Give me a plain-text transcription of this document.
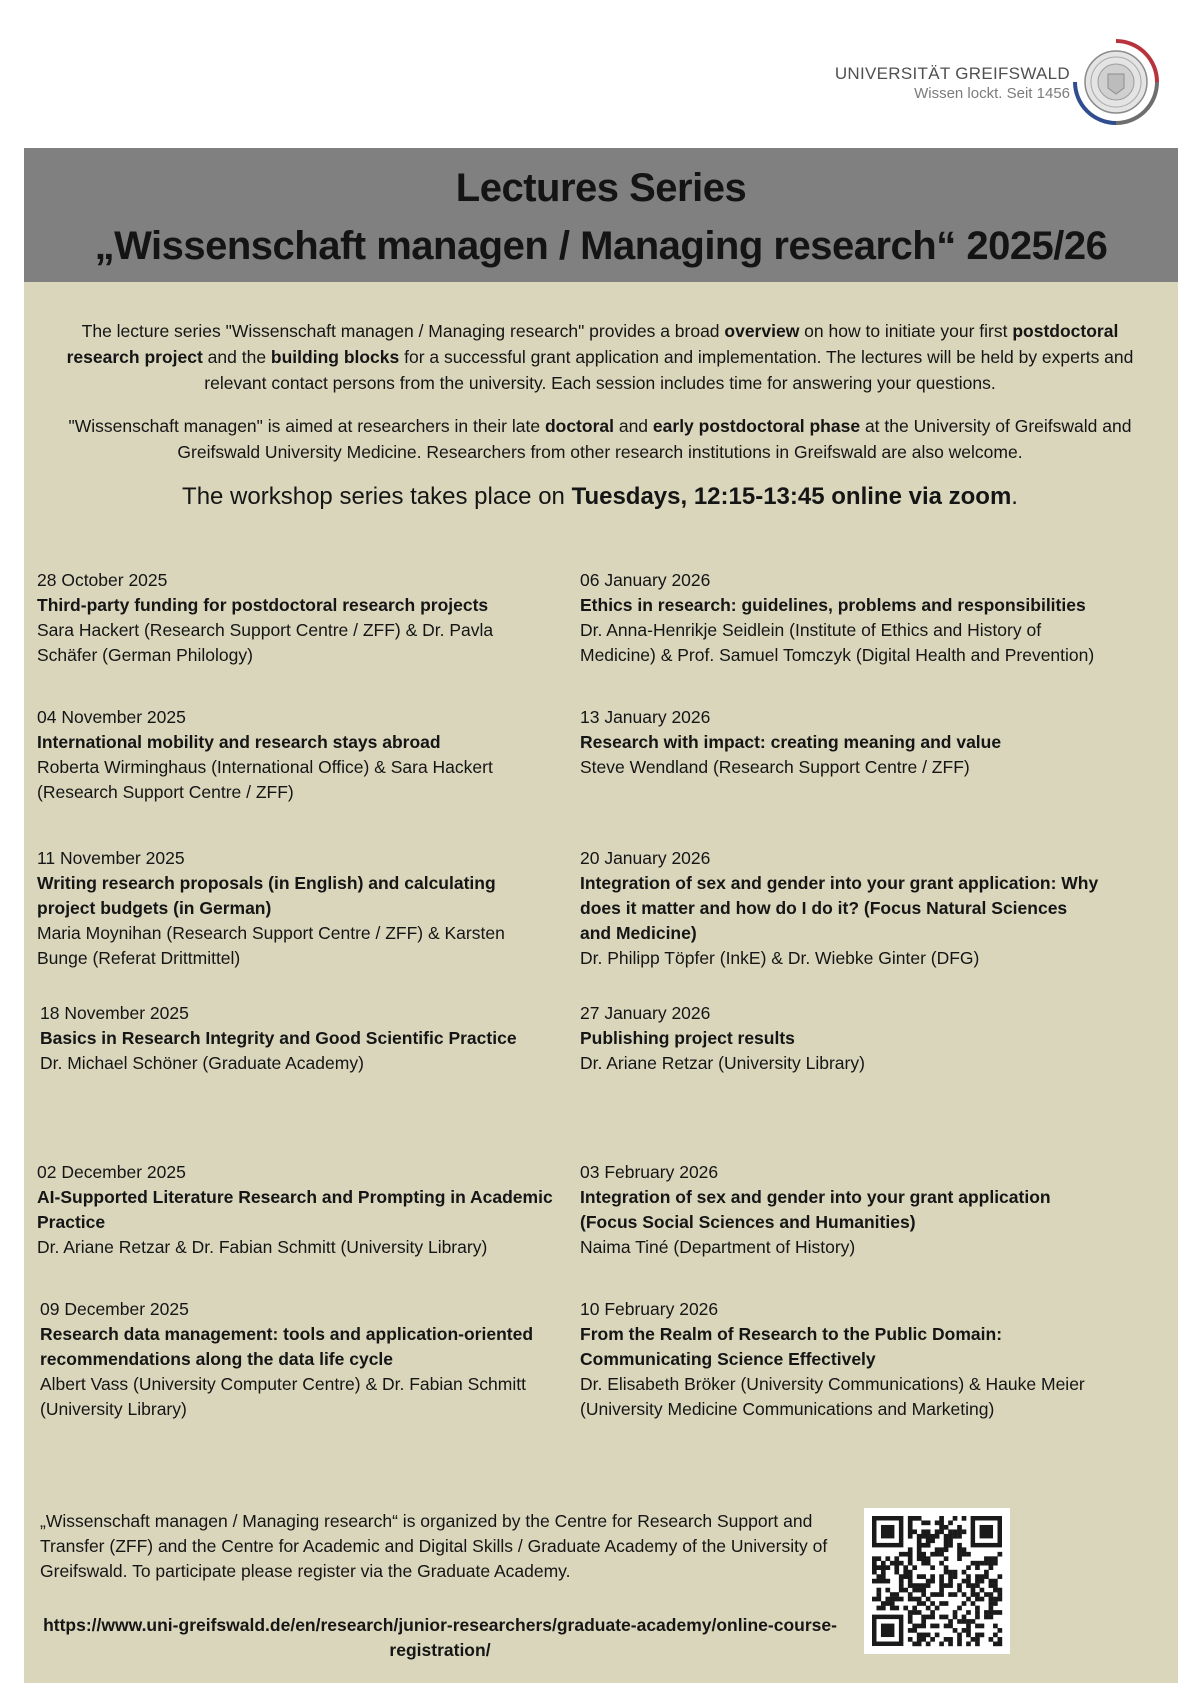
UNIVERSITÄT GREIFSWALD
Wissen lockt. Seit 1456
Lectures Series
„Wissenschaft managen / Managing research“ 2025/26

The lecture series "Wissenschaft managen / Managing research" provides a broad overview on how to initiate your first postdoctoral research project and the building blocks for a successful grant application and implementation. The lectures will be held by experts and relevant contact persons from the university. Each session includes time for answering your questions.

"Wissenschaft managen" is aimed at researchers in their late doctoral and early postdoctoral phase at the University of Greifswald and Greifswald University Medicine. Researchers from other research institutions in Greifswald are also welcome.

The workshop series takes place on Tuesdays, 12:15-13:45 online via zoom.

28 October 2025
Third-party funding for postdoctoral research projects
Sara Hackert (Research Support Centre / ZFF) & Dr. Pavla Schäfer (German Philology)
06 January 2026
Ethics in research: guidelines, problems and responsibilities
Dr. Anna-Henrikje Seidlein (Institute of Ethics and History of Medicine) & Prof. Samuel Tomczyk (Digital Health and Prevention)
04 November 2025
International mobility and research stays abroad
Roberta Wirminghaus (International Office) & Sara Hackert (Research Support Centre / ZFF)
13 January 2026
Research with impact: creating meaning and value
Steve Wendland (Research Support Centre / ZFF)
11 November 2025
Writing research proposals (in English) and calculating project budgets (in German)
Maria Moynihan (Research Support Centre / ZFF) & Karsten Bunge (Referat Drittmittel)
20 January 2026
Integration of sex and gender into your grant application: Why does it matter and how do I do it? (Focus Natural Sciences and Medicine)
Dr. Philipp Töpfer (InkE) & Dr. Wiebke Ginter (DFG)
18 November 2025
Basics in Research Integrity and Good Scientific Practice
Dr. Michael Schöner (Graduate Academy)
27 January 2026
Publishing project results
Dr. Ariane Retzar (University Library)
02 December 2025
AI-Supported Literature Research and Prompting in Academic Practice
Dr. Ariane Retzar & Dr. Fabian Schmitt (University Library)
03 February 2026
Integration of sex and gender into your grant application (Focus Social Sciences and Humanities)
Naima Tiné (Department of History)
09 December 2025
Research data management: tools and application-oriented recommendations along the data life cycle
Albert Vass (University Computer Centre) & Dr. Fabian Schmitt (University Library)
10 February 2026
From the Realm of Research to the Public Domain: Communicating Science Effectively
Dr. Elisabeth Bröker (University Communications) & Hauke Meier (University Medicine Communications and Marketing)
„Wissenschaft managen / Managing research“ is organized by the Centre for Research Support and Transfer (ZFF) and the Centre for Academic and Digital Skills / Graduate Academy of the University of Greifswald. To participate please register via the Graduate Academy.
https://www.uni-greifswald.de/en/research/junior-researchers/graduate-academy/online-course-registration/
